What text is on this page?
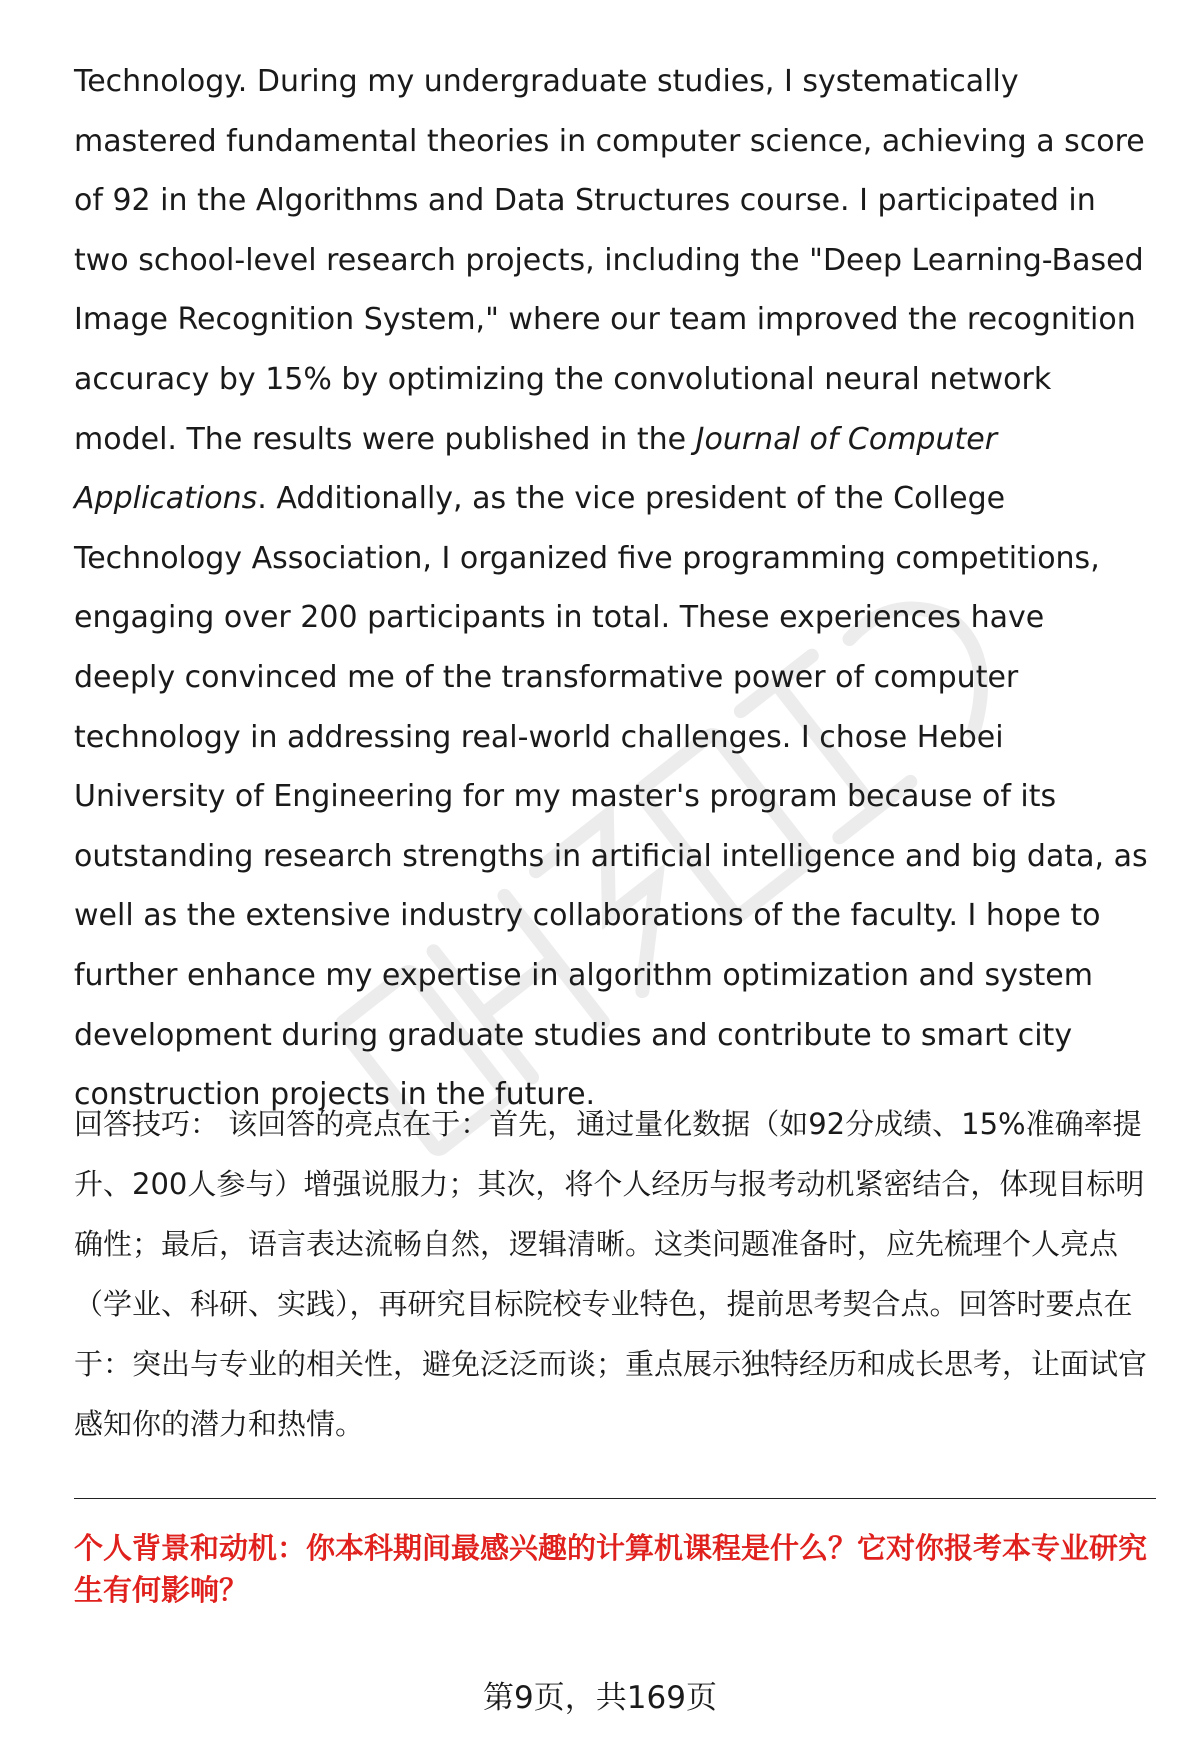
Technology. During my undergraduate studies, I systematically mastered fundamental theories in computer science, achieving a score of 92 in the Algorithms and Data Structures course. I participated in two school-level research projects, including the "Deep Learning-Based Image Recognition System," where our team improved the recognition accuracy by 15% by optimizing the convolutional neural network model. The results were published in the Journal of Computer Applications. Additionally, as the vice president of the College Technology Association, I organized five programming competitions, engaging over 200 participants in total. These experiences have deeply convinced me of the transformative power of computer technology in addressing real-world challenges. I chose Hebei University of Engineering for my master's program because of its outstanding research strengths in artificial intelligence and big data, as well as the extensive industry collaborations of the faculty. I hope to further enhance my expertise in algorithm optimization and system development during graduate studies and contribute to smart city construction projects in the future.

回答技巧： 该回答的亮点在于：首先，通过量化数据（如92分成绩、15%准确率提升、200人参与）增强说服力；其次，将个人经历与报考动机紧密结合，体现目标明确性；最后，语言表达流畅自然，逻辑清晰。这类问题准备时，应先梳理个人亮点（学业、科研、实践），再研究目标院校专业特色，提前思考契合点。回答时要点在于：突出与专业的相关性，避免泛泛而谈；重点展示独特经历和成长思考，让面试官感知你的潜力和热情。

个人背景和动机：你本科期间最感兴趣的计算机课程是什么？它对你报考本专业研究生有何影响？

第9页，共169页
